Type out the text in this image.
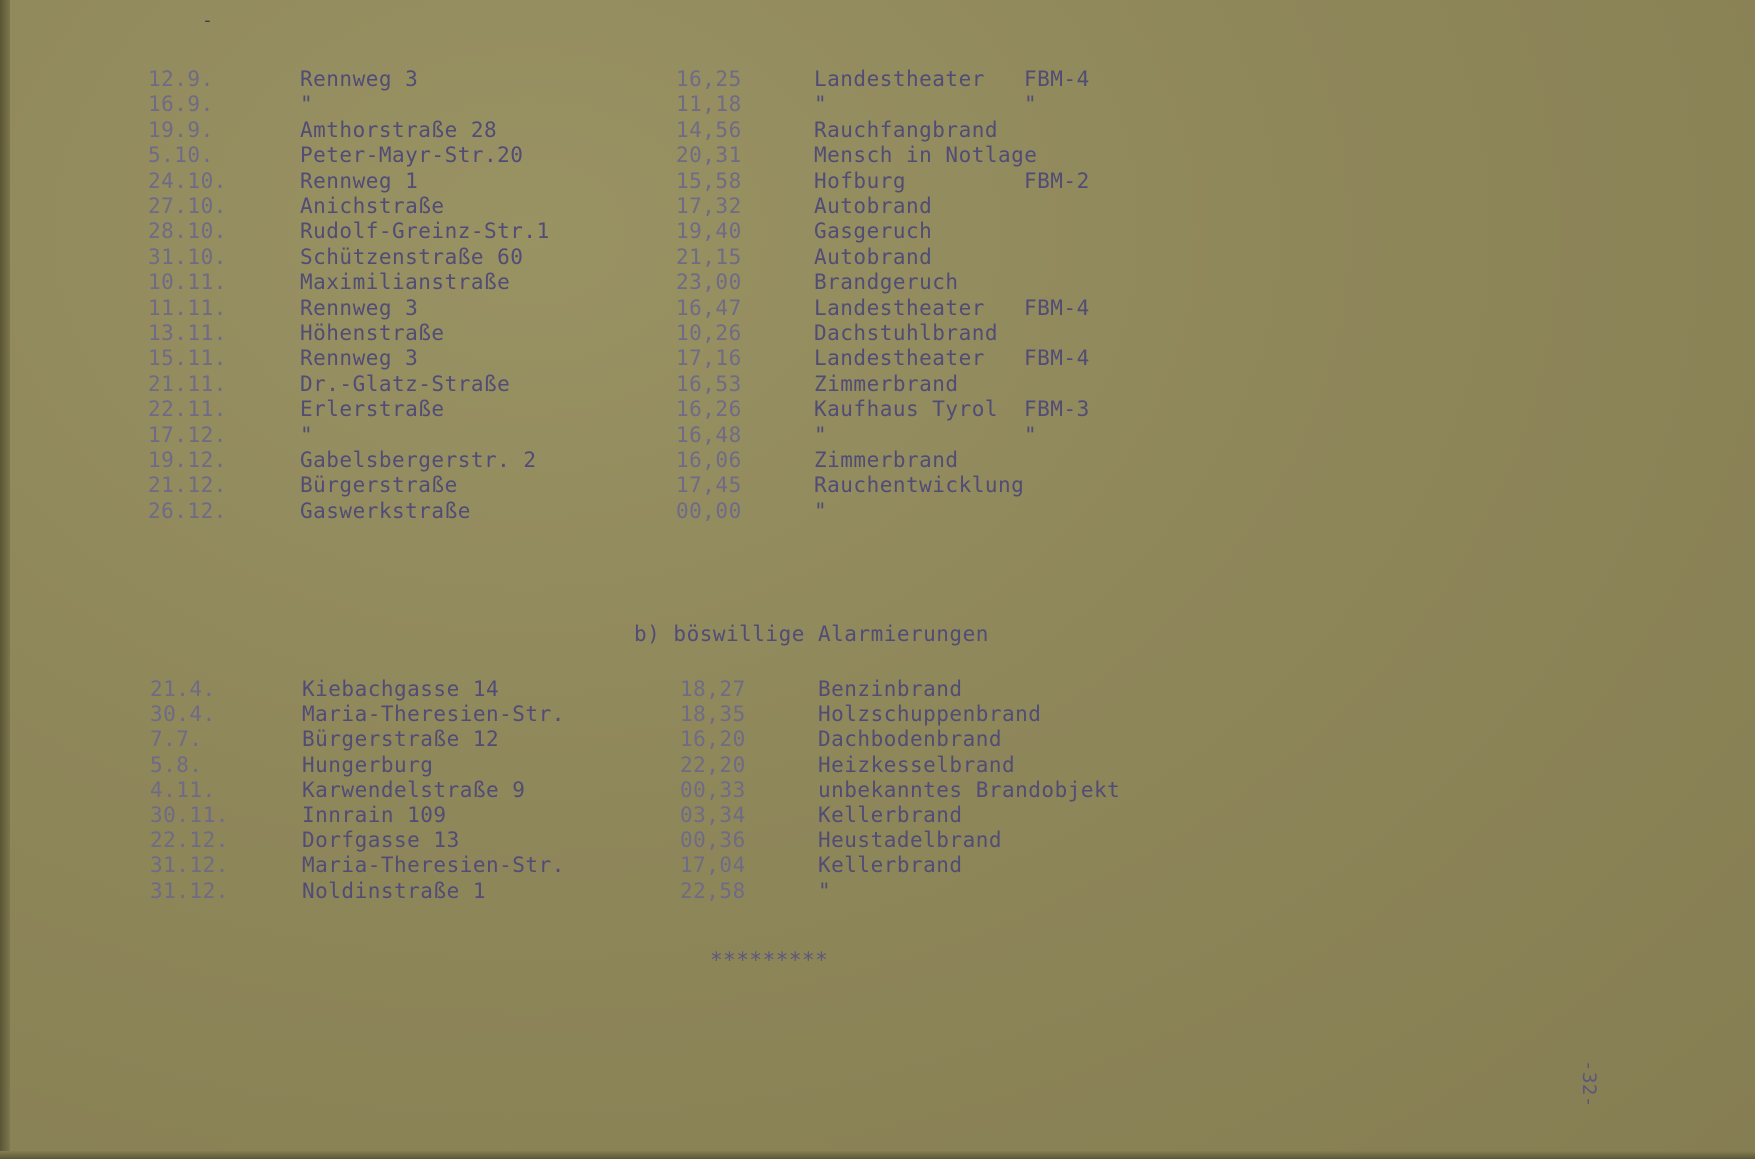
-
12.9.	Rennweg 3	16,25	Landestheater FBM-4
16.9.	"	11,18	"	"
19.9.	Amthorstraße 28	14,56	Rauchfangbrand
5.10.	Peter-Mayr-Str.20	20,31	Mensch in Notlage
24.10.	Rennweg 1	15,58	Hofburg	FBM-2
27.10.	Anichstraße	17,32	Autobrand
28.10.	Rudolf-Greinz-Str.1	19,40	Gasgeruch
31.10.	Schützenstraße 60	21,15	Autobrand
10.11.	Maximilianstraße	23,00	Brandgeruch
11.11.	Rennweg 3	16,47	Landestheater FBM-4
13.11.	Höhenstraße	10,26	Dachstuhlbrand
15.11.	Rennweg 3	17,16	Landestheater FBM-4
21.11.	Dr.-Glatz-Straße	16,53	Zimmerbrand
22.11.	Erlerstraße	16,26	Kaufhaus Tyrol FBM-3
17.12.	"	16,48	"	"
19.12.	Gabelsbergerstr. 2	16,06	Zimmerbrand
21.12.	Bürgerstraße	17,45	Rauchentwicklung
26.12.	Gaswerkstraße	00,00	"
b) böswillige Alarmierungen
21.4.	Kiebachgasse 14	18,27	Benzinbrand
30.4.	Maria-Theresien-Str.	18,35	Holzschuppenbrand
7.7.	Bürgerstraße 12	16,20	Dachbodenbrand
5.8.	Hungerburg	22,20	Heizkesselbrand
4.11.	Karwendelstraße 9	00,33	unbekanntes Brandobjekt
30.11.	Innrain 109	03,34	Kellerbrand
22.12.	Dorfgasse 13	00,36	Heustadelbrand
31.12.	Maria-Theresien-Str.	17,04	Kellerbrand
31.12.	Noldinstraße 1	22,58	"
*********
-32-
